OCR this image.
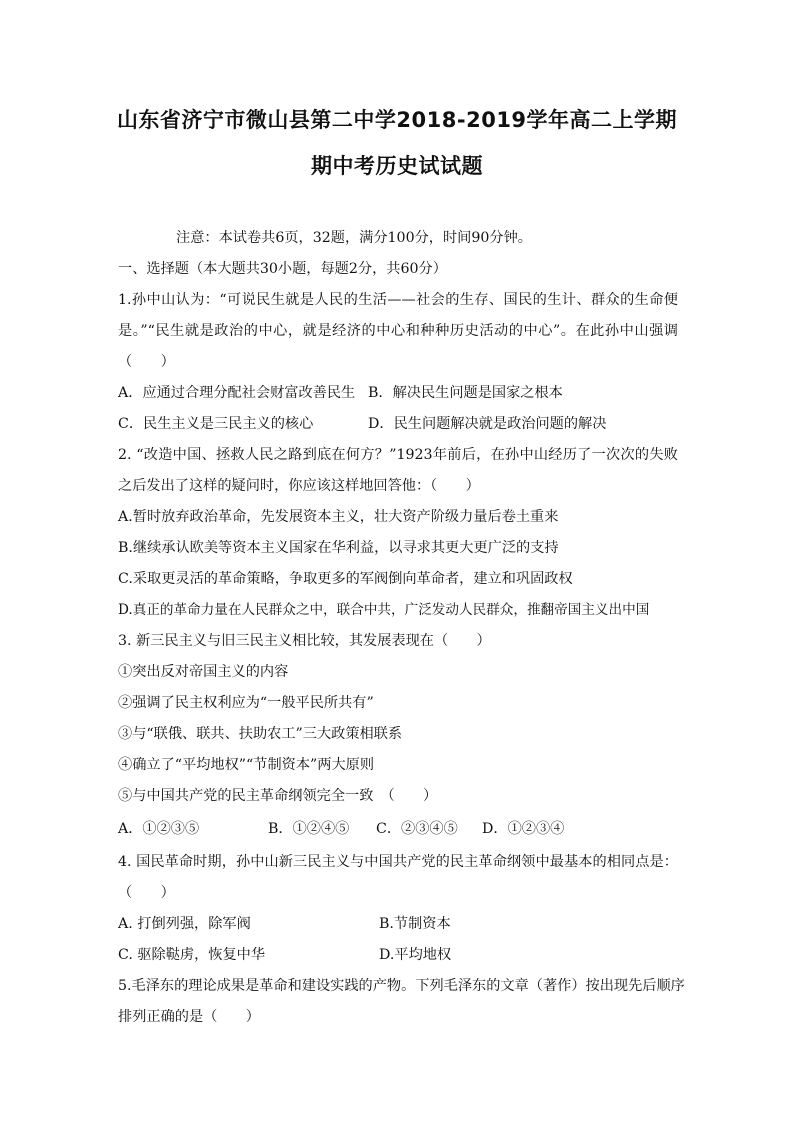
山东省济宁市微山县第二中学2018-2019学年高二上学期
期中考历史试试题
注意：本试卷共6页，32题，满分100分，时间90分钟。
一、选择题（本大题共30小题，每题2分，共60分）
1.孙中山认为：“可说民生就是人民的生活——社会的生存、国民的生计、群众的生命便
是。”“民生就是政治的中心，就是经济的中心和种种历史活动的中心”。在此孙中山强调
（　　）
A．应通过合理分配社会财富改善民生 B．解决民生问题是国家之根本
C．民生主义是三民主义的核心	D．民生问题解决就是政治问题的解决
2. “改造中国、拯救人民之路到底在何方？”1923年前后，在孙中山经历了一次次的失败
之后发出了这样的疑问时，你应该这样地回答他：（　　）
A.暂时放弃政治革命，先发展资本主义，壮大资产阶级力量后卷土重来
B.继续承认欧美等资本主义国家在华利益，以寻求其更大更广泛的支持
C.采取更灵活的革命策略，争取更多的军阀倒向革命者，建立和巩固政权
D.真正的革命力量在人民群众之中，联合中共，广泛发动人民群众，推翻帝国主义出中国
3. 新三民主义与旧三民主义相比较，其发展表现在（　　）
①突出反对帝国主义的内容
②强调了民主权利应为“一般平民所共有”
③与“联俄、联共、扶助农工”三大政策相联系
④确立了“平均地权”“节制资本”两大原则
⑤与中国共产党的民主革命纲领完全一致　（　　）
A．①②③⑤	B．①②④⑤ C．②③④⑤ D．①②③④
4. 国民革命时期，孙中山新三民主义与中国共产党的民主革命纲领中最基本的相同点是：
（　　）
A. 打倒列强，除军阀	B.节制资本
C. 驱除鞑虏，恢复中华	D.平均地权
5.毛泽东的理论成果是革命和建设实践的产物。下列毛泽东的文章（著作）按出现先后顺序
排列正确的是（　　）
